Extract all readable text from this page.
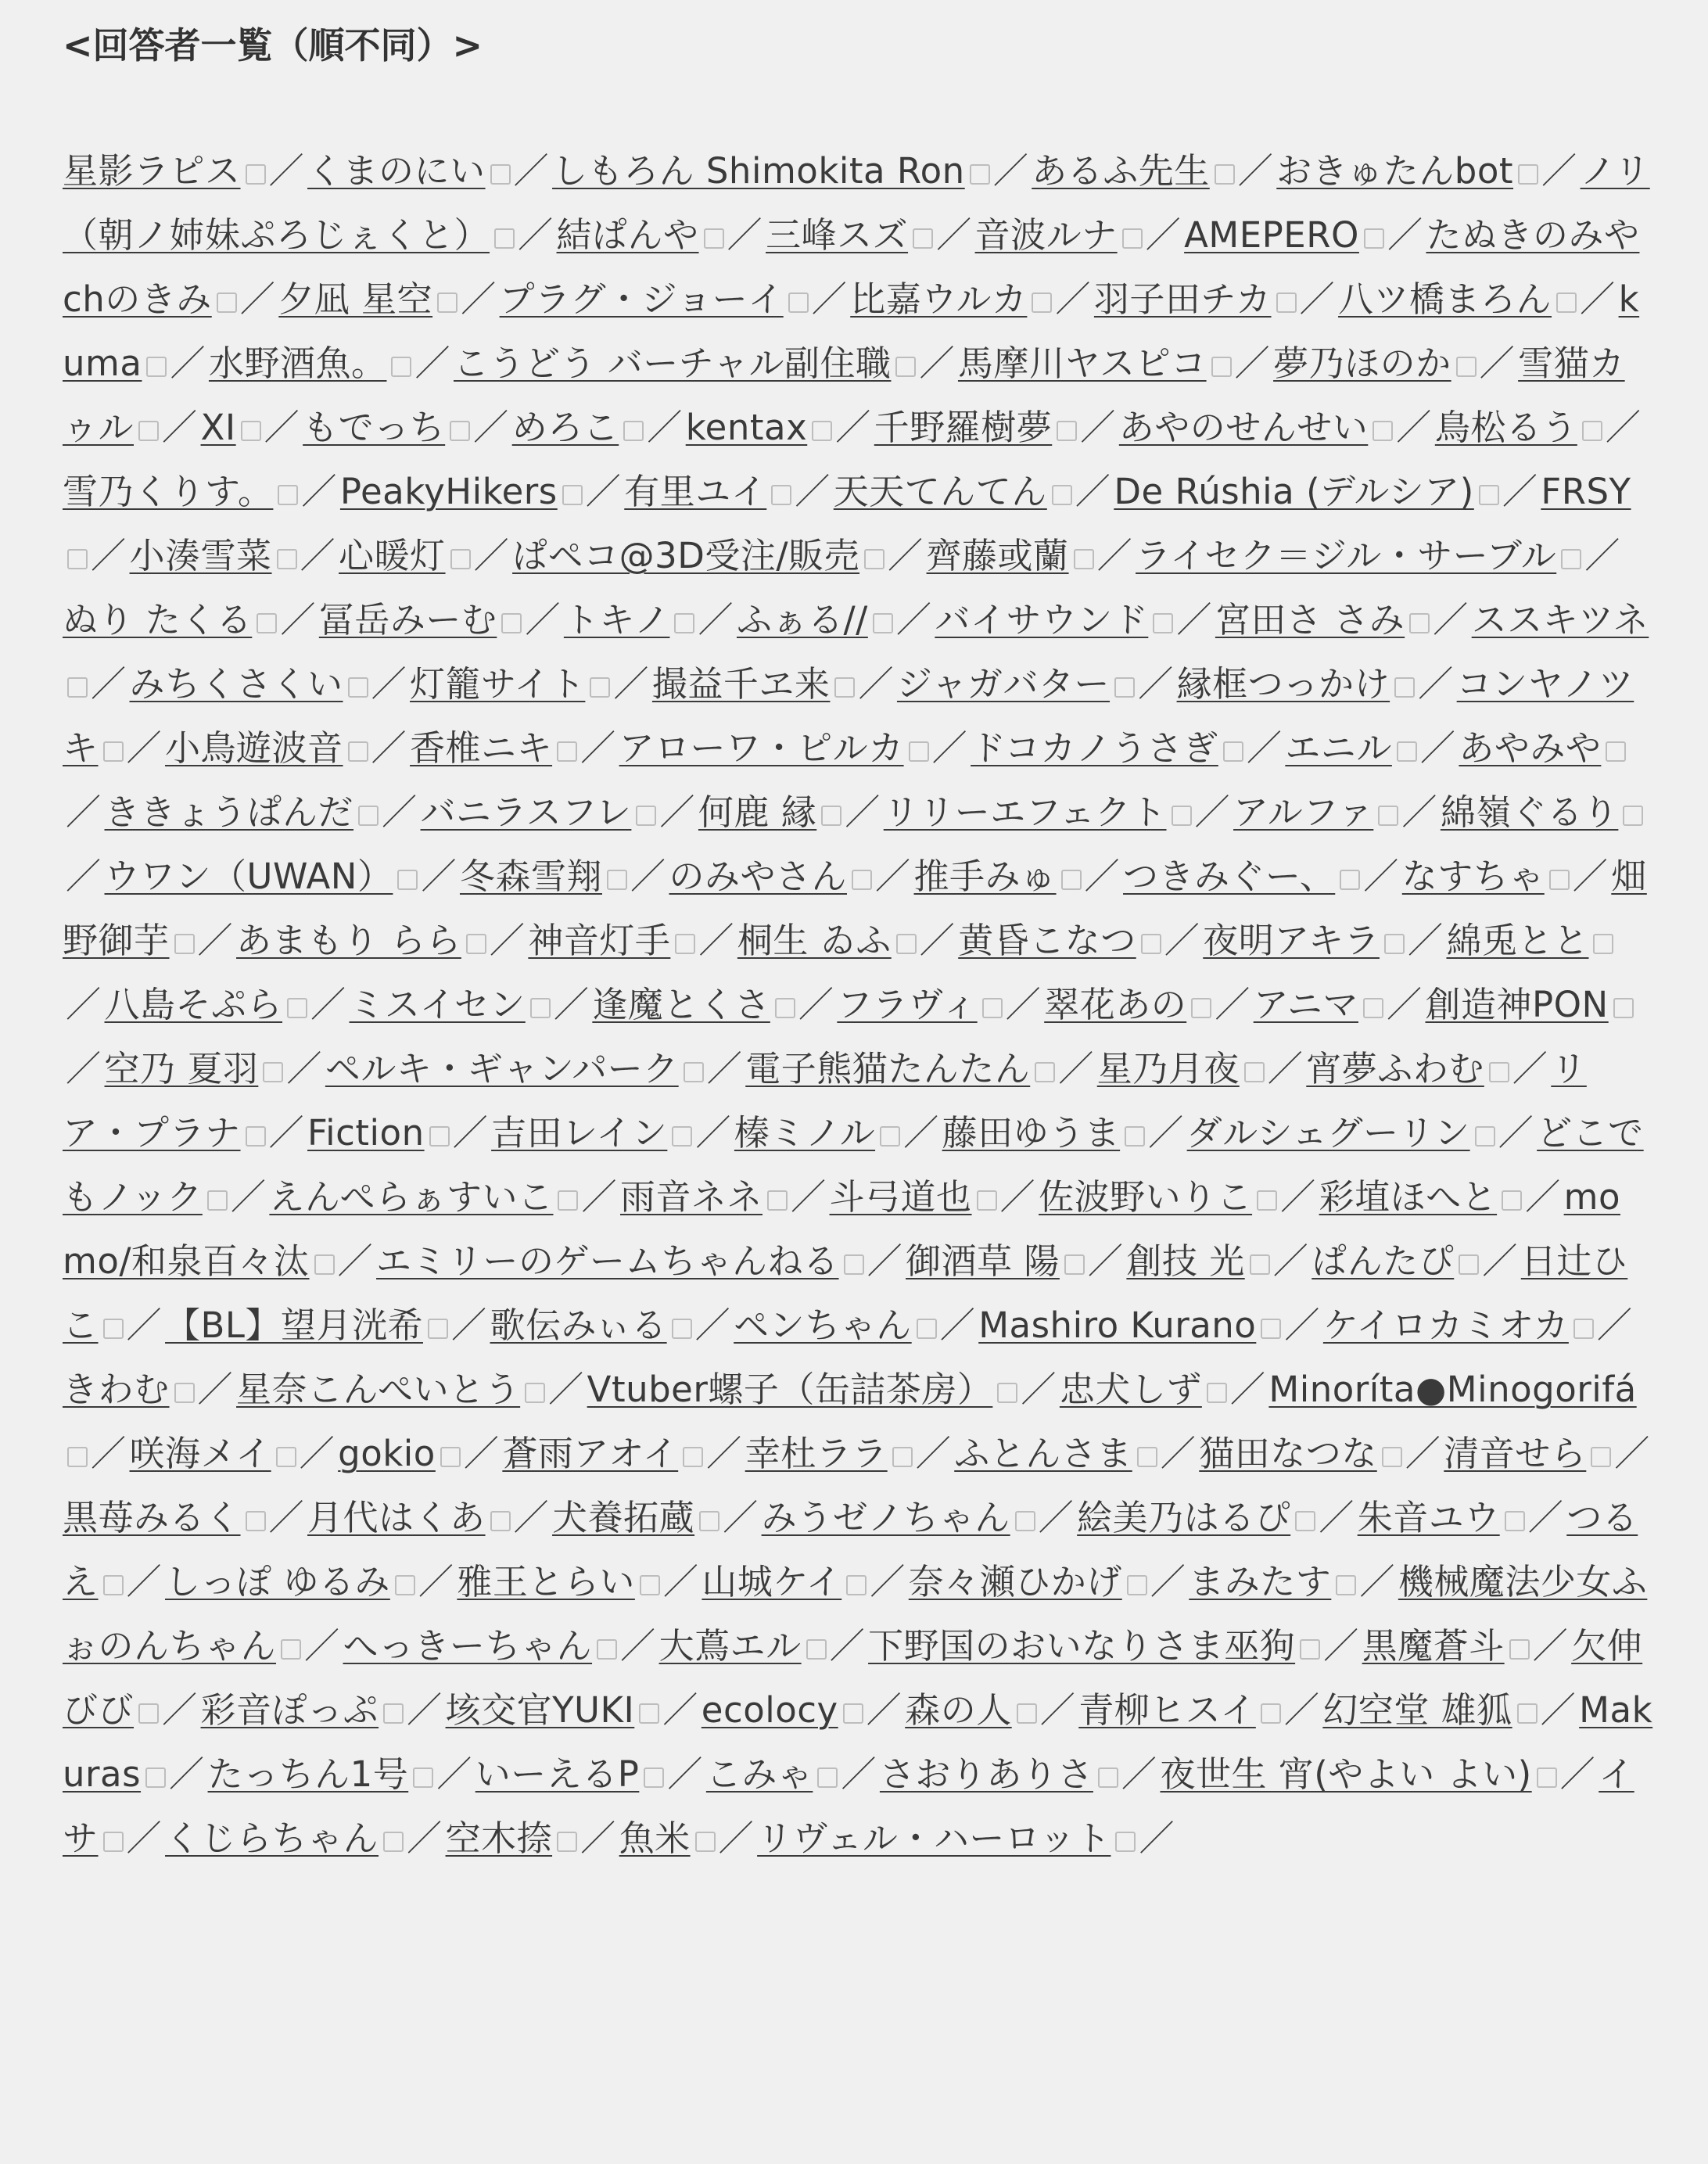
<回答者一覧（順不同）>
星影ラピス ／くまのにい ／しもろん Shimokita Ron ／あるふ先生 ／おきゅたんbot ／ノリ（朝ノ姉妹ぷろじぇくと） ／結ぱんや ／三峰スズ ／音波ルナ ／AMEPERO ／たぬきのみやchのきみ ／夕凪 星空 ／プラグ・ジョーイ ／比嘉ウルカ ／羽子田チカ ／八ツ橋まろん ／kuma ／水野酒魚。 ／こうどう バーチャル副住職 ／馬摩川ヤスピコ ／夢乃ほのか ／雪猫カゥル ／XI ／もでっち ／めろこ ／kentax ／千野羅樹夢 ／あやのせんせい ／鳥松るう ／雪乃くりす。 ／PeakyHikers ／有里ユイ ／天天てんてん ／De Rúshia (デルシア) ／FRSY／小湊雪菜 ／心暖灯 ／ぱペコ@3D受注/販売 ／齊藤或蘭 ／ライセク＝ジル・サーブル ／ぬり たくる ／冨岳みーむ ／トキノ ／ふぁる// ／バイサウンド ／宮田さ さみ ／ススキツネ／みちくさくい ／灯籠サイト ／撮益千ヱ来 ／ジャガバター ／縁框つっかけ ／コンヤノツキ ／小鳥遊波音 ／香椎ニキ ／アローワ・ピルカ ／ドコカノうさぎ ／エニル ／あやみや／ききょうぱんだ ／バニラスフレ ／何鹿 縁 ／リリーエフェクト ／アルファ ／綿嶺ぐるり／ウワン（UWAN） ／冬森雪翔 ／のみやさん ／推手みゅ ／つきみぐー、 ／なすちゃ ／畑野御芋 ／あまもり らら ／神音灯手 ／桐生 ゐふ ／黄昏こなつ ／夜明アキラ ／綿兎とと／八島そぷら ／ミスイセン ／逢魔とくさ ／フラヴィ ／翠花あの ／アニマ ／創造神PON／空乃 夏羽 ／ペルキ・ギャンパーク ／電子熊猫たんたん ／星乃月夜 ／宵夢ふわむ ／リア・プラナ ／Fiction ／吉田レイン ／榛ミノル ／藤田ゆうま ／ダルシェグーリン ／どこでもノック ／えんぺらぁすいこ ／雨音ネネ ／斗弓道也 ／佐波野いりこ ／彩埴ほへと ／momo/和泉百々汰 ／エミリーのゲームちゃんねる ／御酒草 陽 ／創技 光 ／ぱんたぴ ／日辻ひこ ／【BL】望月洸希 ／歌伝みぃる ／ペンちゃん ／Mashiro Kurano ／ケイロカミオカ ／きわむ ／星奈こんぺいとう ／Vtuber螺子（缶詰茶房） ／忠犬しず ／Minoríta●Minogorifá／咲海メイ ／gokio ／蒼雨アオイ ／幸杜ララ ／ふとんさま ／猫田なつな ／清音せら ／黒苺みるく ／月代はくあ ／犬養拓蔵 ／みうゼノちゃん ／絵美乃はるぴ ／朱音ユウ ／つるえ ／しっぽ ゆるみ ／雅王とらい ／山城ケイ ／奈々瀬ひかげ ／まみたす ／機械魔法少女ふぉのんちゃん ／へっきーちゃん ／大蔦エル ／下野国のおいなりさま巫狗 ／黒魔蒼斗 ／欠伸びび ／彩音ぽっぷ ／垓交官YUKI ／ecolocy ／森の人 ／青柳ヒスイ ／幻空堂 雄狐 ／Makuras ／たっちん1号 ／いーえるP ／こみゃ ／さおりありさ ／夜世生 宵(やよい よい) ／イサ ／くじらちゃん ／空木捺 ／魚米 ／リヴェル・ハーロット ／
